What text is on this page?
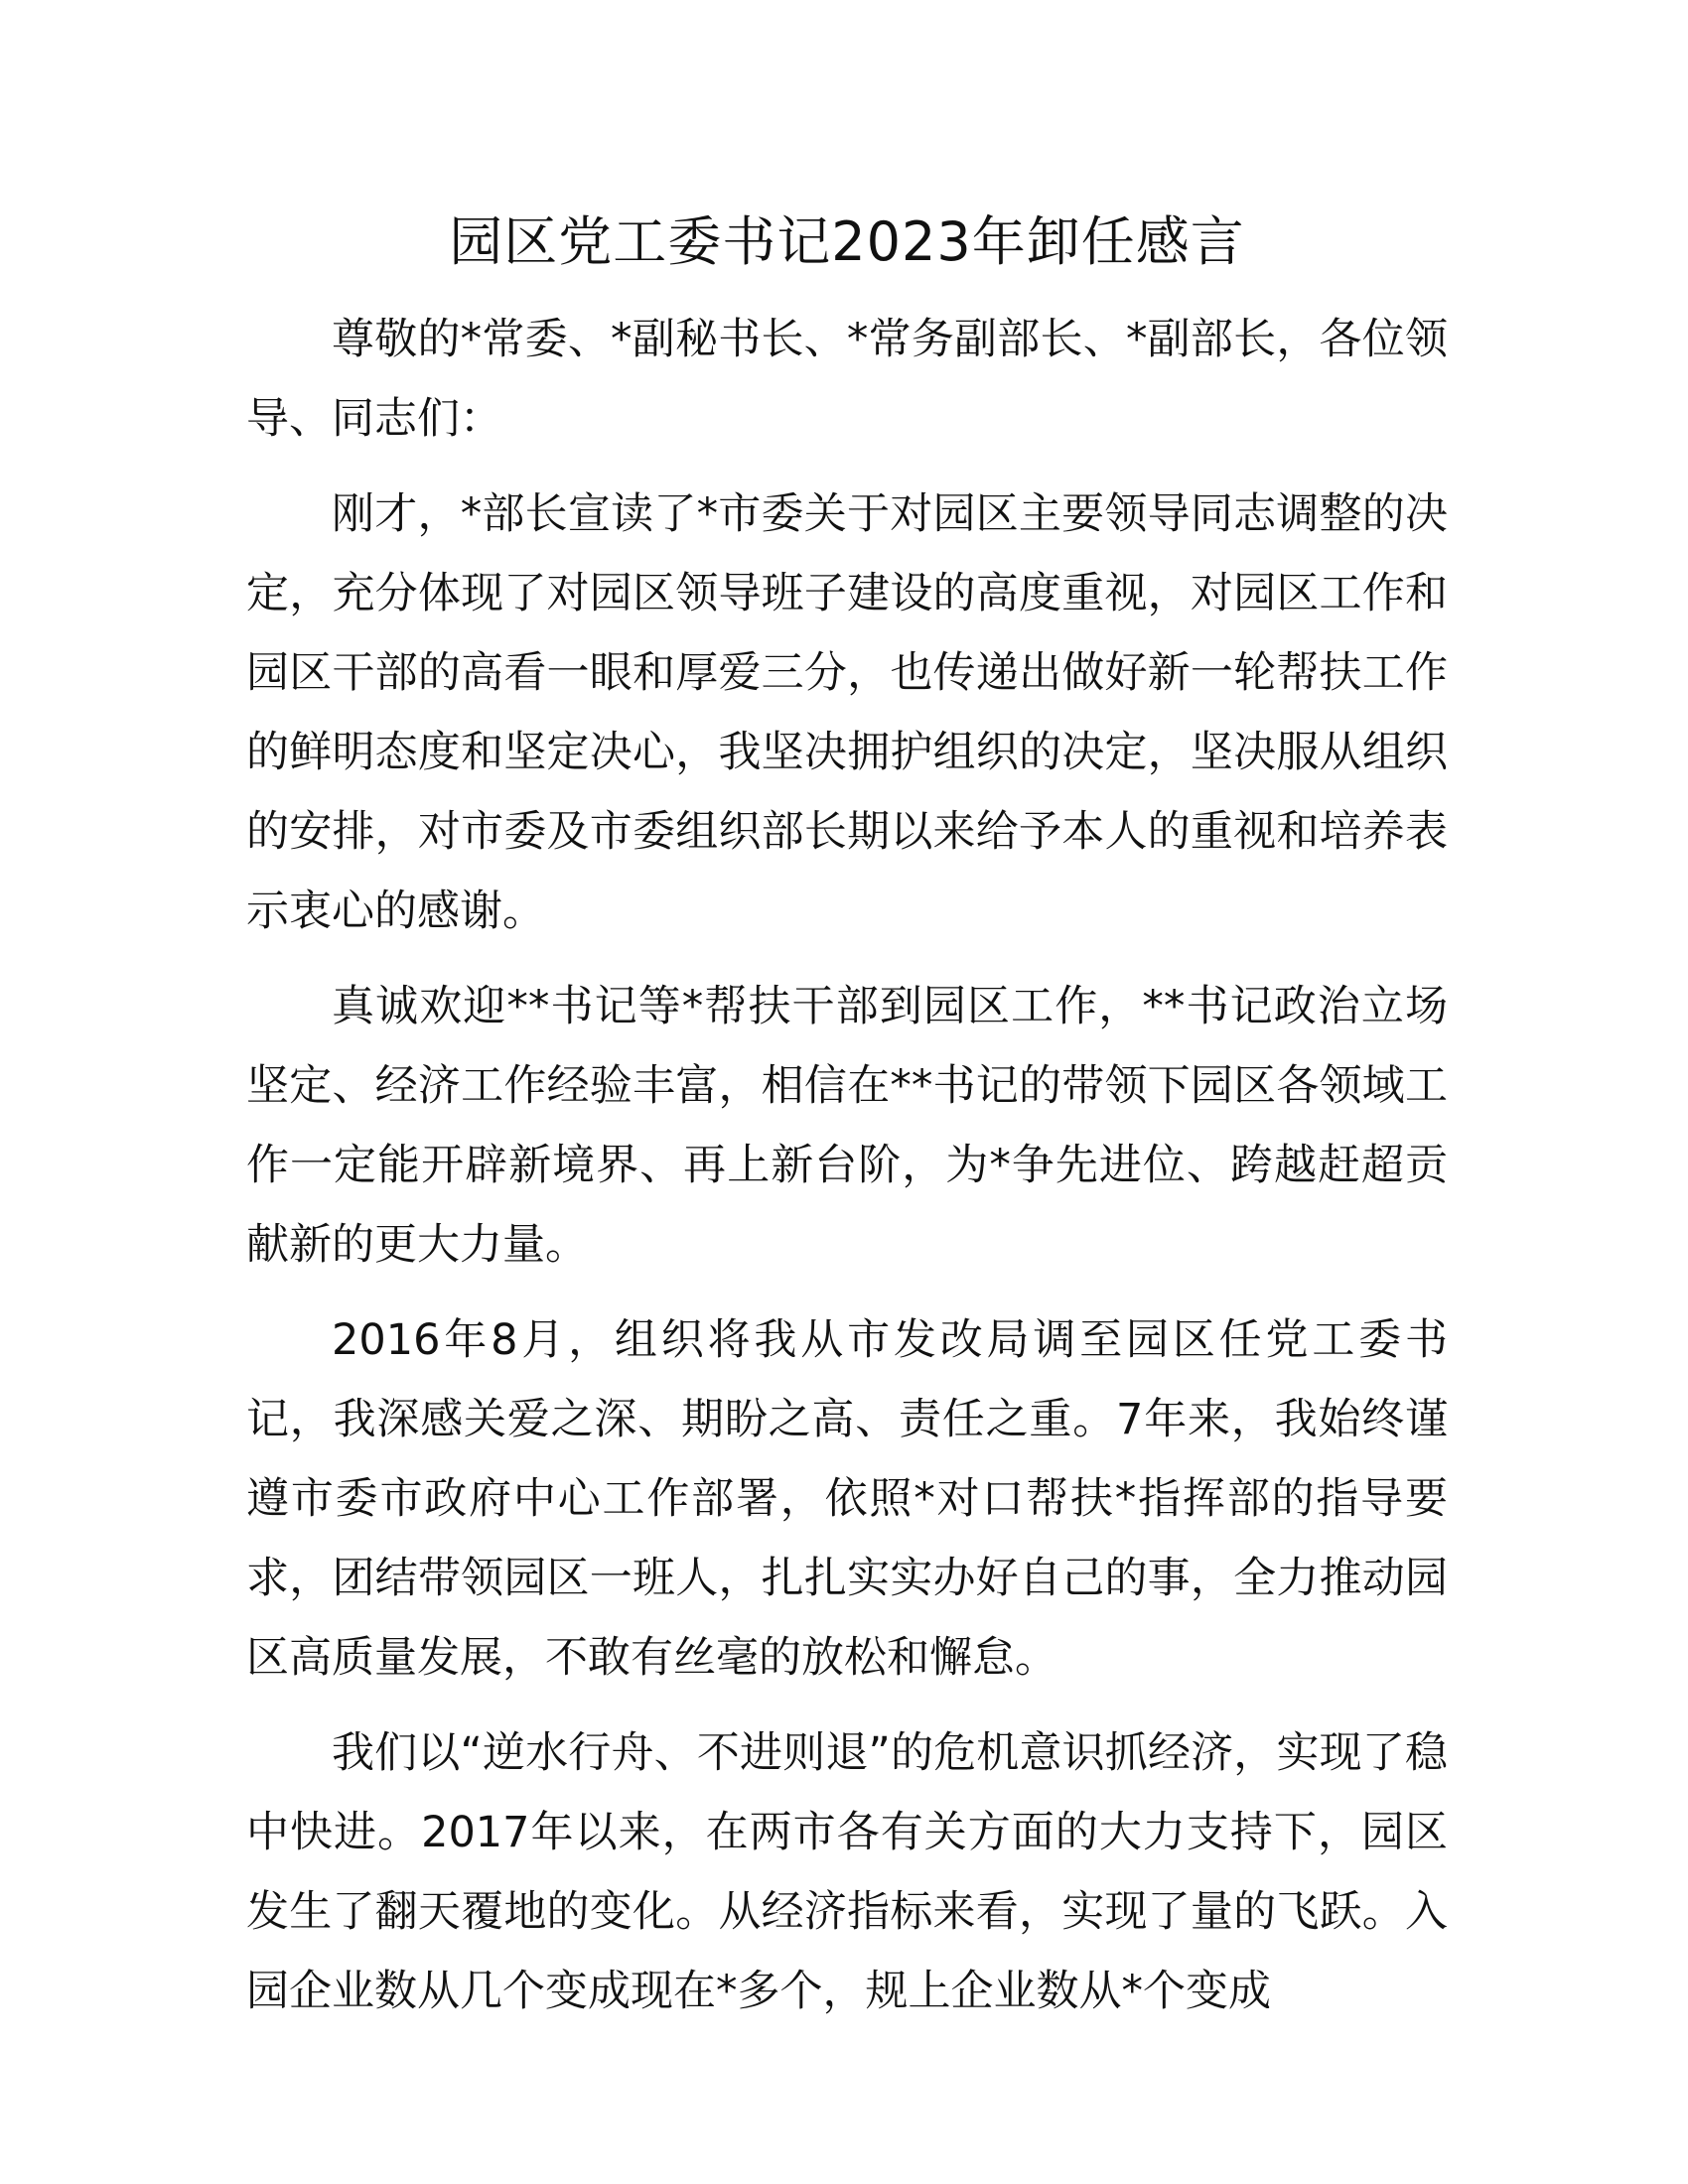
园区党工委书记2023年卸任感言

尊敬的*常委、*副秘书长、*常务副部长、*副部长，各位领导、同志们：

刚才，*部长宣读了*市委关于对园区主要领导同志调整的决定，充分体现了对园区领导班子建设的高度重视，对园区工作和园区干部的高看一眼和厚爱三分，也传递出做好新一轮帮扶工作的鲜明态度和坚定决心，我坚决拥护组织的决定，坚决服从组织的安排，对市委及市委组织部长期以来给予本人的重视和培养表示衷心的感谢。

真诚欢迎**书记等*帮扶干部到园区工作，**书记政治立场坚定、经济工作经验丰富，相信在**书记的带领下园区各领域工作一定能开辟新境界、再上新台阶，为*争先进位、跨越赶超贡献新的更大力量。

2016年8月，组织将我从市发改局调至园区任党工委书记，我深感关爱之深、期盼之高、责任之重。7年来，我始终谨遵市委市政府中心工作部署，依照*对口帮扶*指挥部的指导要求，团结带领园区一班人，扎扎实实办好自己的事，全力推动园区高质量发展，不敢有丝毫的放松和懈怠。

我们以“逆水行舟、不进则退”的危机意识抓经济，实现了稳中快进。2017年以来，在两市各有关方面的大力支持下，园区发生了翻天覆地的变化。从经济指标来看，实现了量的飞跃。入园企业数从几个变成现在*多个，规上企业数从*个变成
